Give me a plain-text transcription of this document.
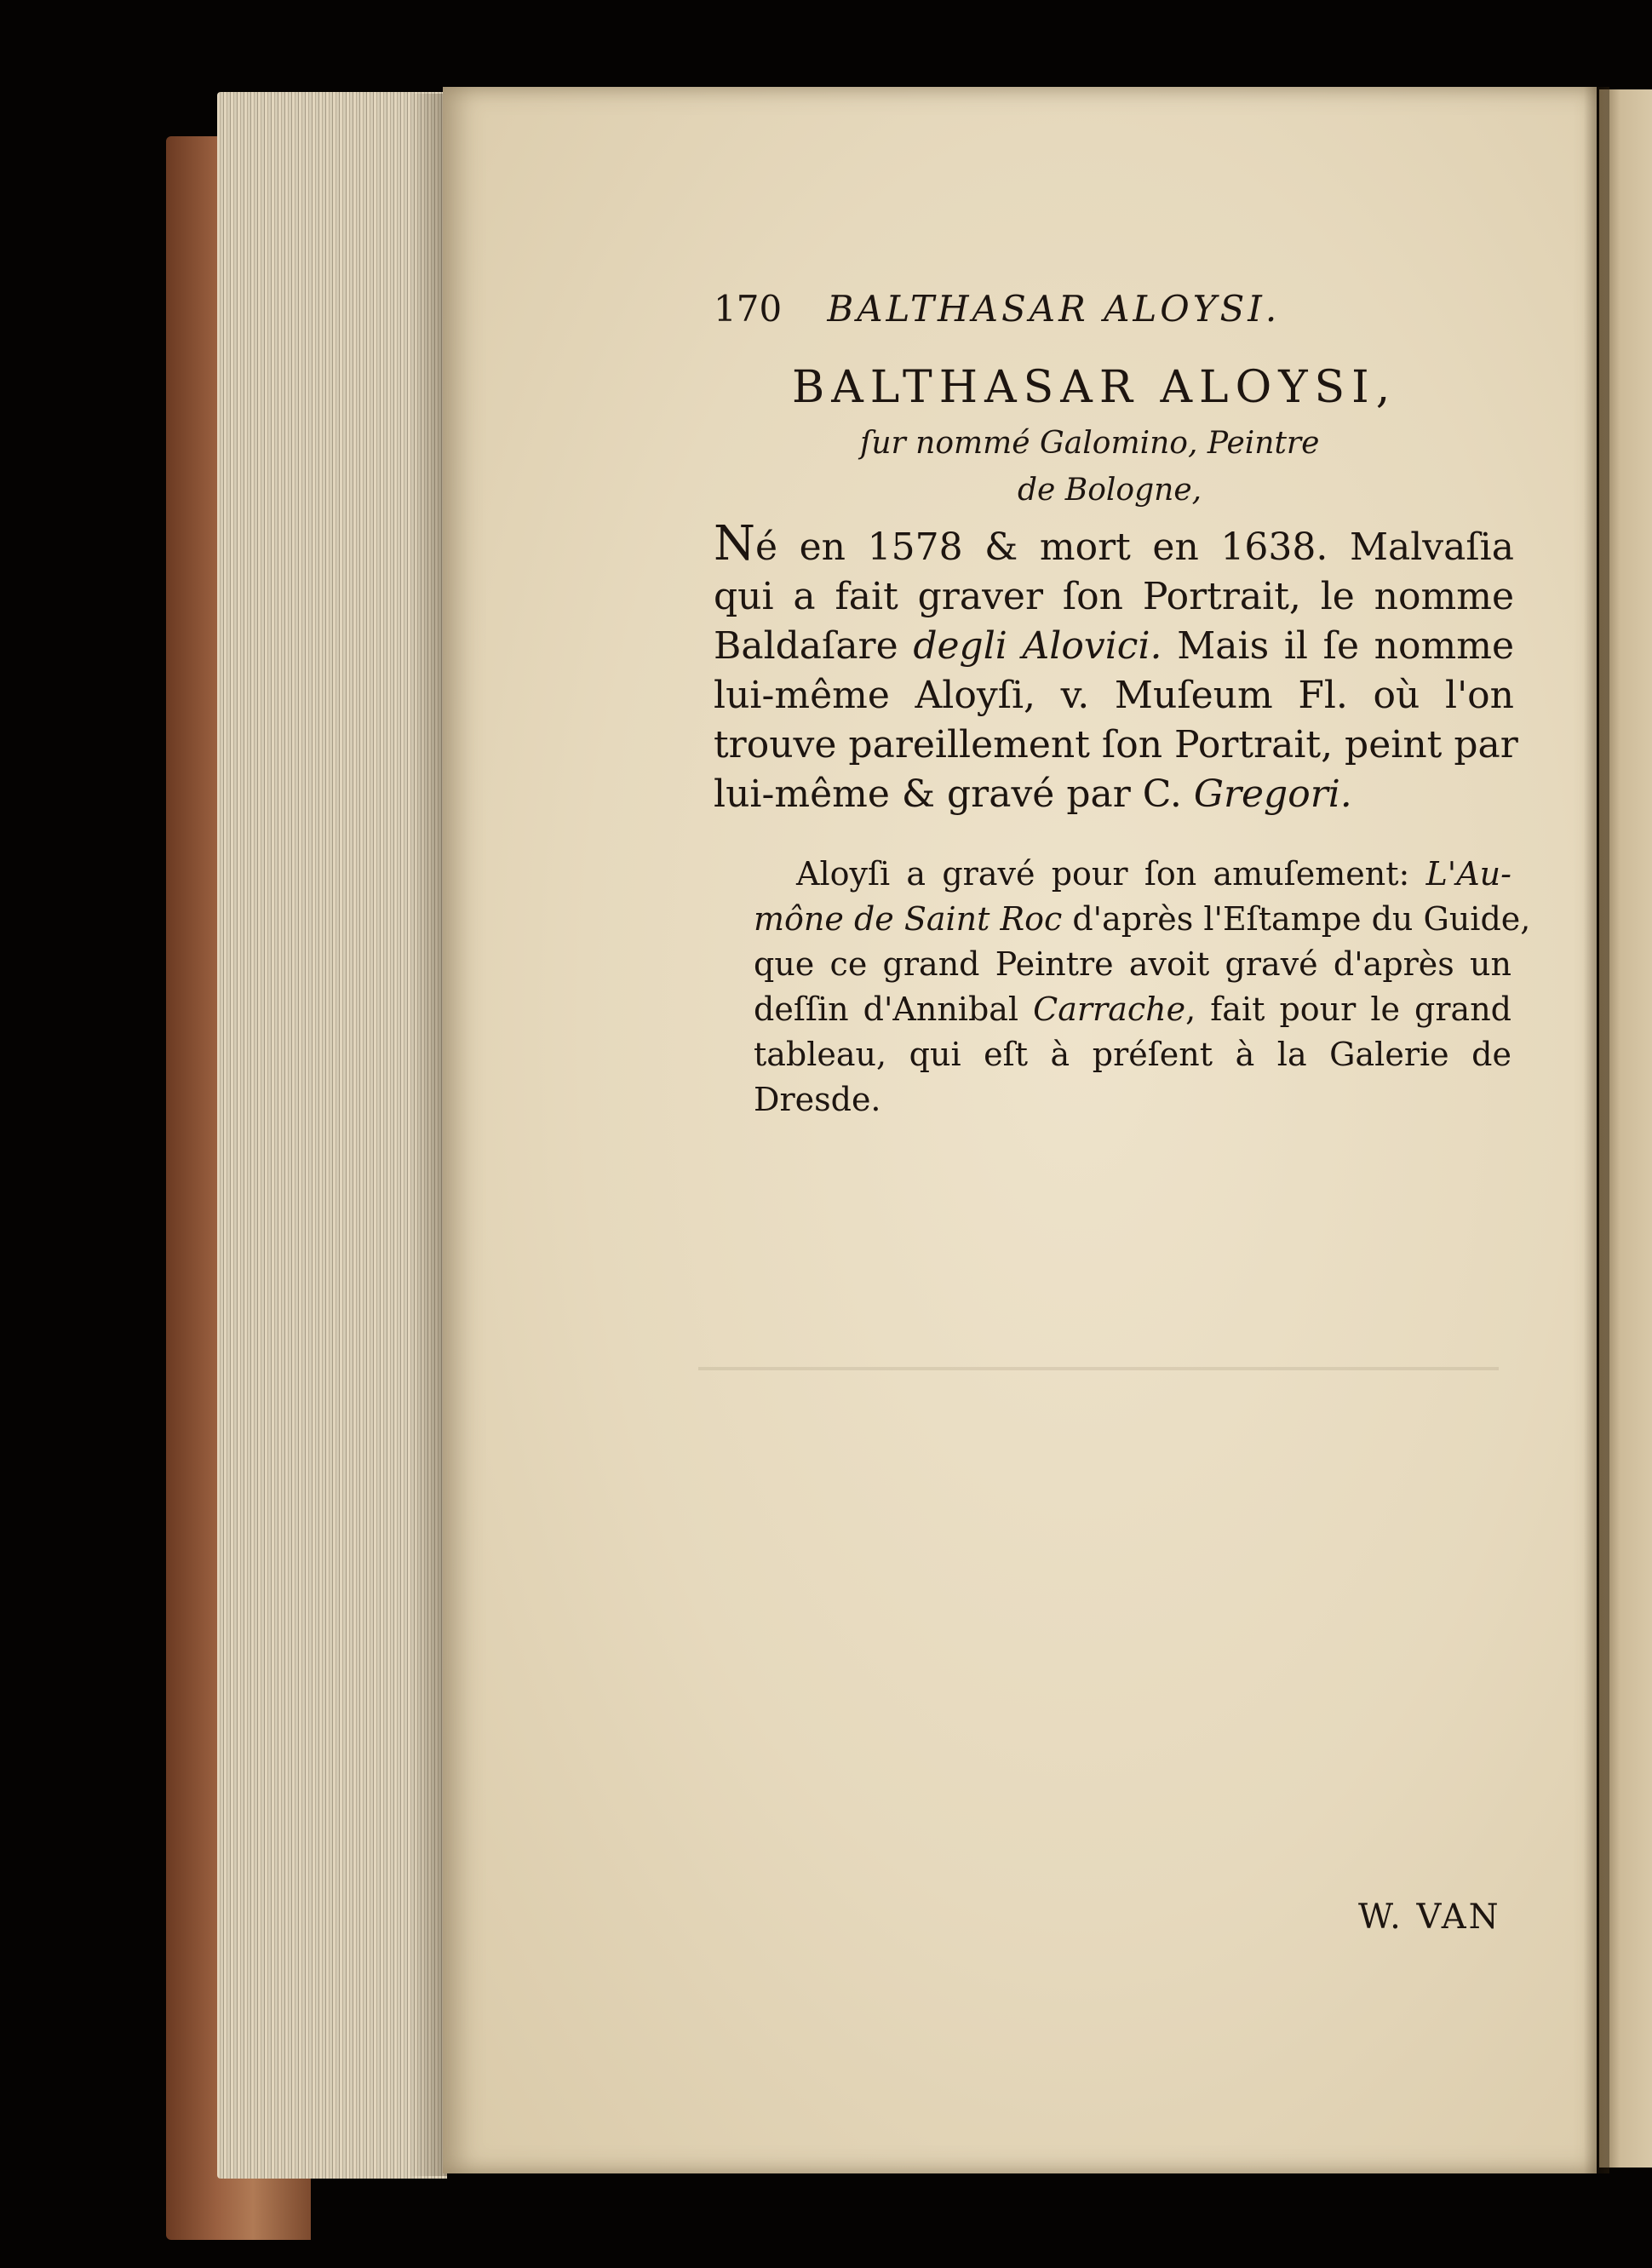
170 BALTHASAR ALOYSI.
BALTHASAR ALOYSI,
ſur nommé Galomino, Peintre
de Bologne,
Né en 1578 & mort en 1638. Malvaſia
qui a fait graver ſon Portrait, le nomme
Baldaſare degli Alovici. Mais il ſe nomme
lui-même Aloyſi, v. Muſeum Fl. où l'on
trouve pareillement ſon Portrait, peint par
lui-même & gravé par C. Gregori.
Aloyſi a gravé pour ſon amuſement: L'Au-
mône de Saint Roc d'après l'Eſtampe du Guide,
que ce grand Peintre avoit gravé d'après un
deſſin d'Annibal Carrache, fait pour le grand
tableau, qui eſt à préſent à la Galerie de
Dresde.
W. VAN
